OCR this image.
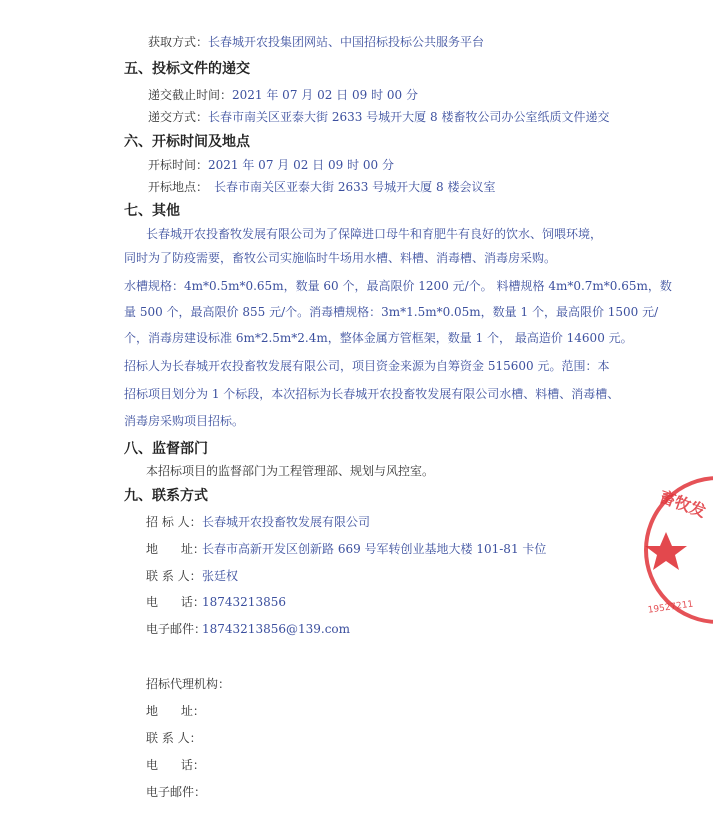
获取方式：长春城开农投集团网站、中国招标投标公共服务平台
五、投标文件的递交
递交截止时间：2021 年 07 月 02 日 09 时 00 分
递交方式：长春市南关区亚泰大街 2633 号城开大厦 8 楼畜牧公司办公室纸质文件递交
六、开标时间及地点
开标时间：2021 年 07 月 02 日 09 时 00 分
开标地点： 长春市南关区亚泰大街 2633 号城开大厦 8 楼会议室
七、其他
长春城开农投畜牧发展有限公司为了保障进口母牛和育肥牛有良好的饮水、饲喂环境，
同时为了防疫需要，畜牧公司实施临时牛场用水槽、料槽、消毒槽、消毒房采购。
水槽规格：4m*0.5m*0.65m，数量 60 个，最高限价 1200 元/个。 料槽规格 4m*0.7m*0.65m，数
量 500 个，最高限价 855 元/个。消毒槽规格：3m*1.5m*0.05m，数量 1 个，最高限价 1500 元/
个，消毒房建设标准 6m*2.5m*2.4m，整体金属方管框架，数量 1 个， 最高造价 14600 元。
招标人为长春城开农投畜牧发展有限公司，项目资金来源为自筹资金 515600 元。范围：本
招标项目划分为 1 个标段，本次招标为长春城开农投畜牧发展有限公司水槽、料槽、消毒槽、
消毒房采购项目招标。
八、监督部门
本招标项目的监督部门为工程管理部、规划与风控室。
九、联系方式
招 标 人：长春城开农投畜牧发展有限公司
地      址：长春市高新开发区创新路 669 号军转创业基地大楼 101-81 卡位
联 系 人：张廷权
电      话：18743213856
电子邮件：18743213856@139.com
招标代理机构：
地      址：
联 系 人：
电      话：
电子邮件：
畜牧发
19527211
